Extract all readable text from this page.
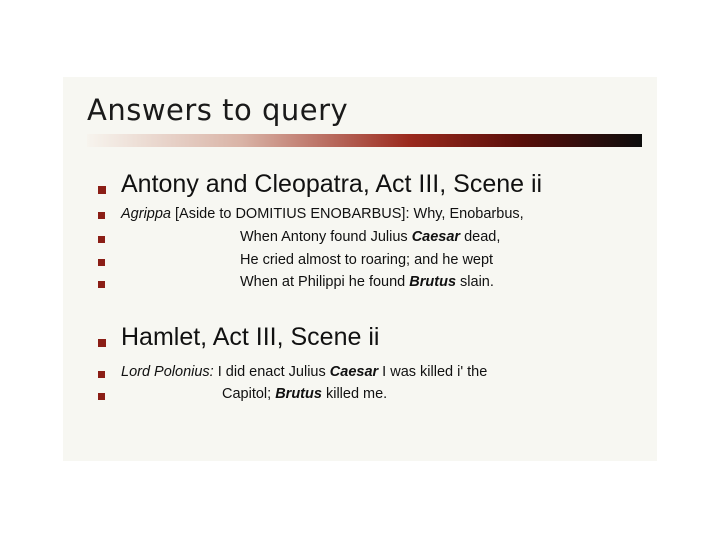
Answers to query
Antony and Cleopatra, Act III, Scene ii
Agrippa [Aside to DOMITIUS ENOBARBUS]: Why, Enobarbus,
When Antony found Julius Caesar dead,
He cried almost to roaring; and he wept
When at Philippi he found Brutus slain.
Hamlet, Act III, Scene ii
Lord Polonius: I did enact Julius Caesar I was killed i' the
Capitol; Brutus killed me.
